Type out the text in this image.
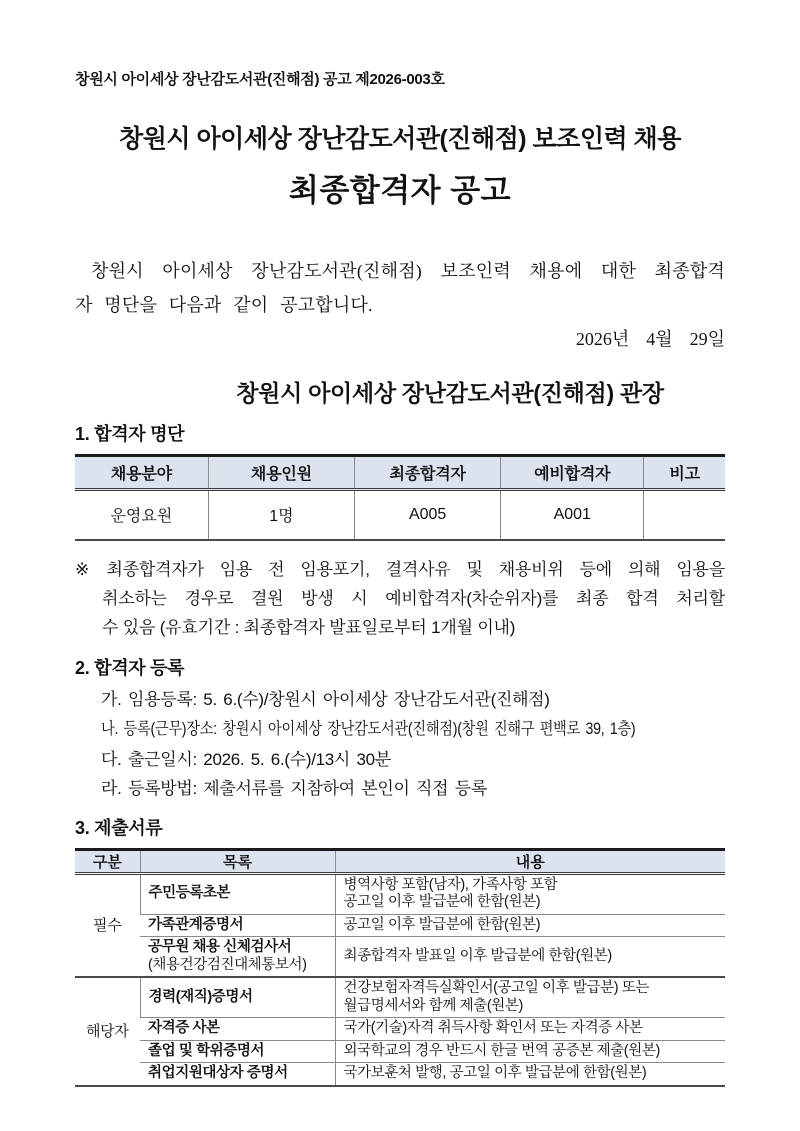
창원시 아이세상 장난감도서관(진해점) 공고 제2026-003호
창원시 아이세상 장난감도서관(진해점) 보조인력 채용
최종합격자 공고
창원시 아이세상 장난감도서관(진해점) 보조인력 채용에 대한 최종합격
자 명단을 다음과 같이 공고합니다.
2026년  4월  29일
창원시 아이세상 장난감도서관(진해점) 관장
1. 합격자 명단
채용분야	채용인원	최종합격자	예비합격자	비고
운영요원	1명	A005	A001	
※ 최종합격자가 임용 전 임용포기, 결격사유 및 채용비위 등에 의해 임용을
취소하는 경우로 결원 방생 시 예비합격자(차순위자)를 최종 합격 처리할
수 있음 (유효기간 : 최종합격자 발표일로부터 1개월 이내)
2. 합격자 등록
가. 임용등록: 5. 6.(수)/창원시 아이세상 장난감도서관(진해점)
나. 등록(근무)장소: 창원시 아이세상 장난감도서관(진해점)(창원 진해구 편백로 39, 1층)
다. 출근일시: 2026. 5. 6.(수)/13시 30분
라. 등록방법: 제출서류를 지참하여 본인이 직접 등록
3. 제출서류
구분	목록	내용
필수	주민등록초본	병역사항 포함(남자), 가족사항 포함
공고일 이후 발급분에 한함(원본)

	가족관계증명서	공고일 이후 발급분에 한함(원본)

	공무원 채용 신체검사서
(채용건강검진대체통보서)	최종합격자 발표일 이후 발급분에 한함(원본)

해당자	경력(재직)증명서	건강보험자격득실확인서(공고일 이후 발급분) 또는
월급명세서와 함께 제출(원본)

	자격증 사본	국가(기술)자격 취득사항 확인서 또는 자격증 사본

	졸업 및 학위증명서	외국학교의 경우 반드시 한글 번역 공증본 제출(원본)

	취업지원대상자 증명서	국가보훈처 발행, 공고일 이후 발급분에 한함(원본)
